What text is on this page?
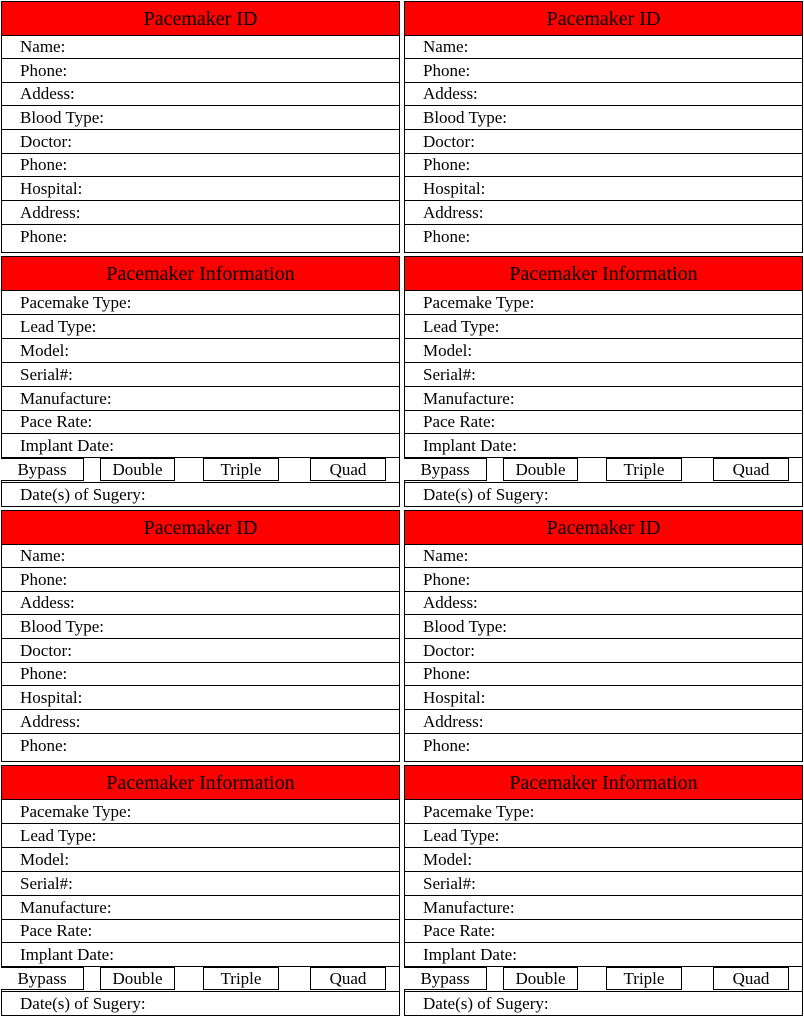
Pacemaker ID
Name:
Phone:
Addess:
Blood Type:
Doctor:
Phone:
Hospital:
Address:
Phone:
Pacemaker ID
Name:
Phone:
Addess:
Blood Type:
Doctor:
Phone:
Hospital:
Address:
Phone:
Pacemaker Information
Pacemake Type:
Lead Type:
Model:
Serial#:
Manufacture:
Pace Rate:
Implant Date:
Bypass	Double	Triple	Quad
Date(s) of Sugery:
Pacemaker Information
Pacemake Type:
Lead Type:
Model:
Serial#:
Manufacture:
Pace Rate:
Implant Date:
Bypass	Double	Triple	Quad
Date(s) of Sugery:
Pacemaker ID
Name:
Phone:
Addess:
Blood Type:
Doctor:
Phone:
Hospital:
Address:
Phone:
Pacemaker ID
Name:
Phone:
Addess:
Blood Type:
Doctor:
Phone:
Hospital:
Address:
Phone:
Pacemaker Information
Pacemake Type:
Lead Type:
Model:
Serial#:
Manufacture:
Pace Rate:
Implant Date:
Bypass	Double	Triple	Quad
Date(s) of Sugery:
Pacemaker Information
Pacemake Type:
Lead Type:
Model:
Serial#:
Manufacture:
Pace Rate:
Implant Date:
Bypass	Double	Triple	Quad
Date(s) of Sugery:
